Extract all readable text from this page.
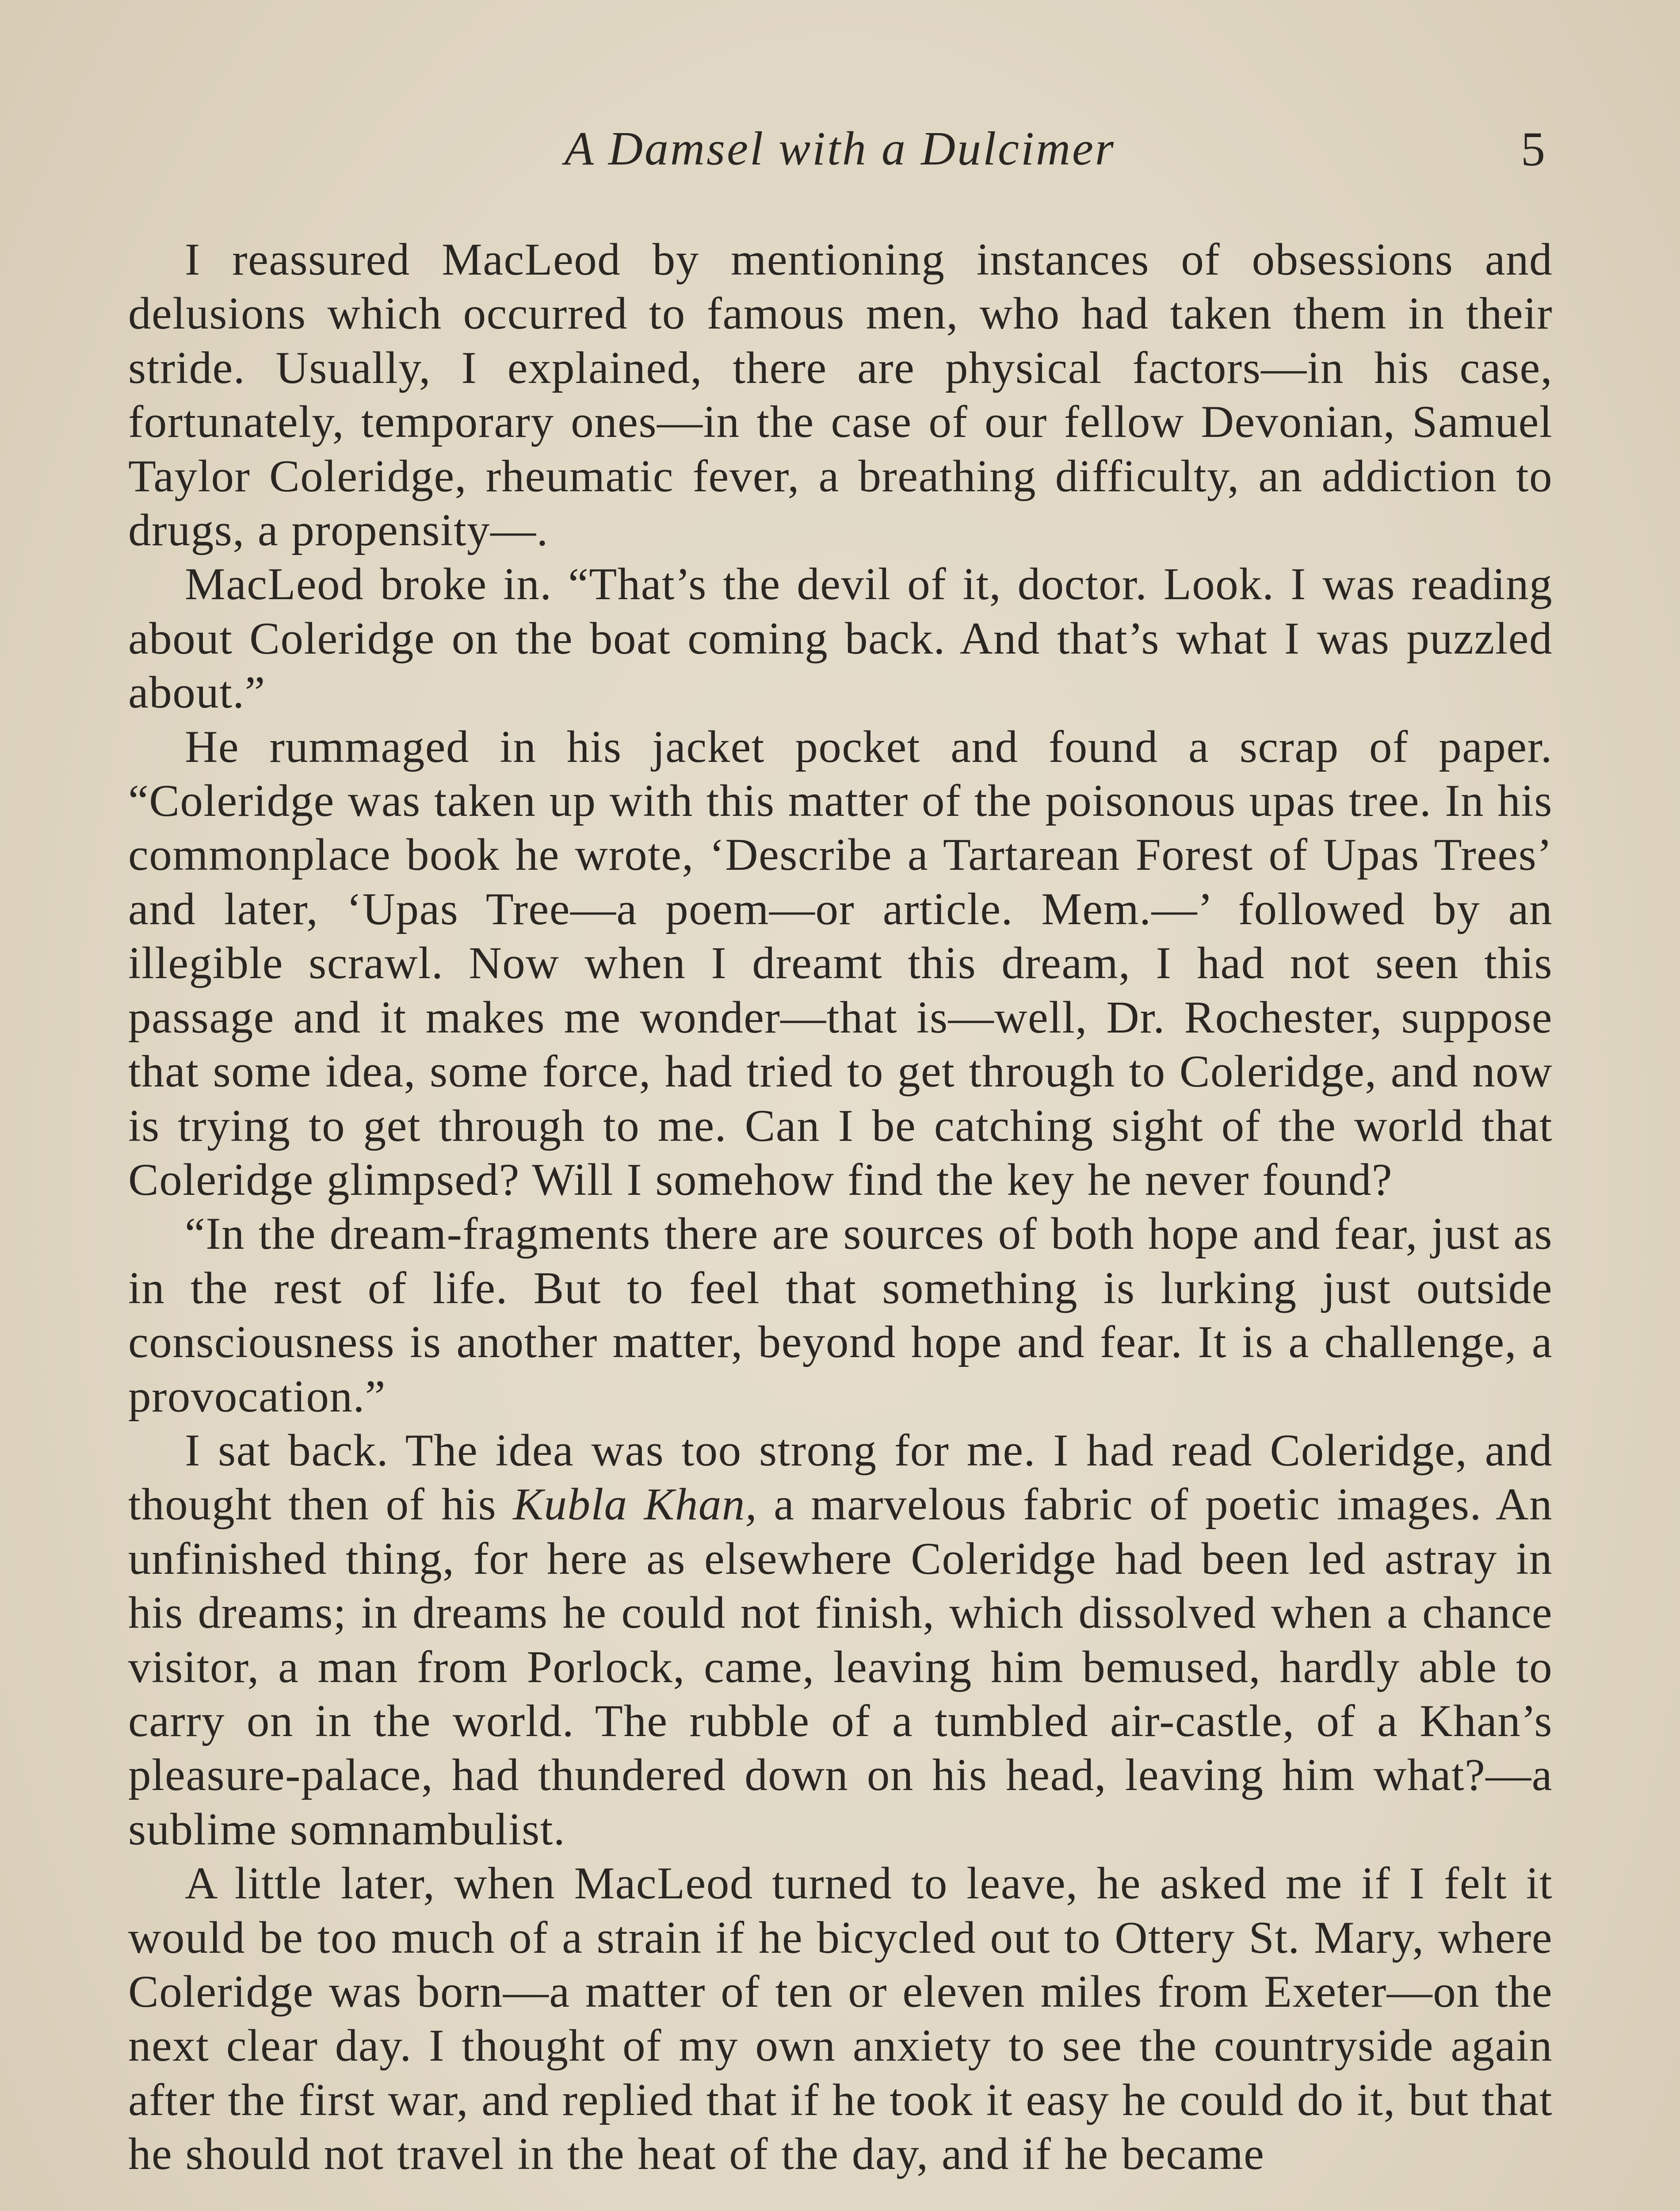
A Damsel with a Dulcimer	5

I reassured MacLeod by mentioning instances of obsessions and delusions which occurred to famous men, who had taken them in their stride. Usually, I explained, there are physical factors—in his case, fortunately, temporary ones—in the case of our fellow Devonian, Samuel Taylor Coleridge, rheumatic fever, a breathing difficulty, an addiction to drugs, a propensity—.

MacLeod broke in. “That’s the devil of it, doctor. Look. I was reading about Coleridge on the boat coming back. And that’s what I was puzzled about.”

He rummaged in his jacket pocket and found a scrap of paper. “Coleridge was taken up with this matter of the poisonous upas tree. In his commonplace book he wrote, ‘Describe a Tartarean Forest of Upas Trees’ and later, ‘Upas Tree—a poem—or article. Mem.—’ followed by an illegible scrawl. Now when I dreamt this dream, I had not seen this passage and it makes me wonder—that is—well, Dr. Rochester, suppose that some idea, some force, had tried to get through to Coleridge, and now is trying to get through to me. Can I be catching sight of the world that Coleridge glimpsed? Will I somehow find the key he never found?

“In the dream-fragments there are sources of both hope and fear, just as in the rest of life. But to feel that something is lurking just outside consciousness is another matter, beyond hope and fear. It is a challenge, a provocation.”

I sat back. The idea was too strong for me. I had read Coleridge, and thought then of his Kubla Khan, a marvelous fabric of poetic images. An unfinished thing, for here as elsewhere Coleridge had been led astray in his dreams; in dreams he could not finish, which dissolved when a chance visitor, a man from Porlock, came, leaving him bemused, hardly able to carry on in the world. The rubble of a tumbled air-castle, of a Khan’s pleasure-palace, had thundered down on his head, leaving him what?—a sublime somnambulist.

A little later, when MacLeod turned to leave, he asked me if I felt it would be too much of a strain if he bicycled out to Ottery St. Mary, where Coleridge was born—a matter of ten or eleven miles from Exeter—on the next clear day. I thought of my own anxiety to see the countryside again after the first war, and replied that if he took it easy he could do it, but that he should not travel in the heat of the day, and if he became
